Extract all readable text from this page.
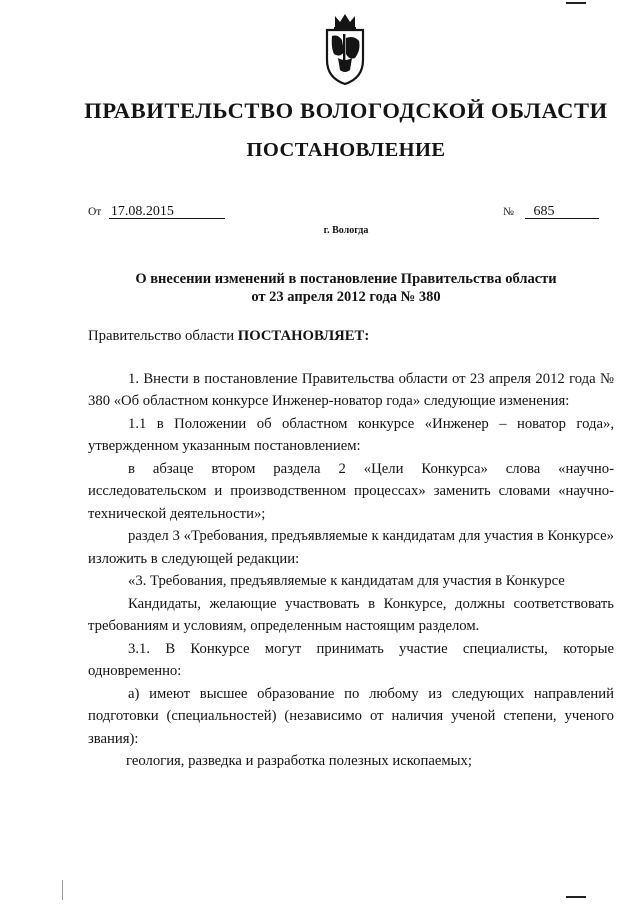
ПРАВИТЕЛЬСТВО ВОЛОГОДСКОЙ ОБЛАСТИ
ПОСТАНОВЛЕНИЕ
От 17.08.2015	№ 685
г. Вологда
О внесении изменений в постановление Правительства области
от 23 апреля 2012 года № 380

Правительство области ПОСТАНОВЛЯЕТ:

1. Внести в постановление Правительства области от 23 апреля 2012 года № 380 «Об областном конкурсе Инженер-новатор года» следующие изменения:

1.1 в Положении об областном конкурсе «Инженер – новатор года», утвержденном указанным постановлением:

в абзаце втором раздела 2 «Цели Конкурса» слова «научно-исследовательском и производственном процессах» заменить словами «научно-технической деятельности»;

раздел 3 «Требования, предъявляемые к кандидатам для участия в Конкурсе» изложить в следующей редакции:

«3. Требования, предъявляемые к кандидатам для участия в Конкурсе

Кандидаты, желающие участвовать в Конкурсе, должны соответствовать требованиям и условиям, определенным настоящим разделом.

3.1. В Конкурсе могут принимать участие специалисты, которые одновременно:

а) имеют высшее образование по любому из следующих направлений подготовки (специальностей) (независимо от наличия ученой степени, ученого звания):

геология, разведка и разработка полезных ископаемых;
